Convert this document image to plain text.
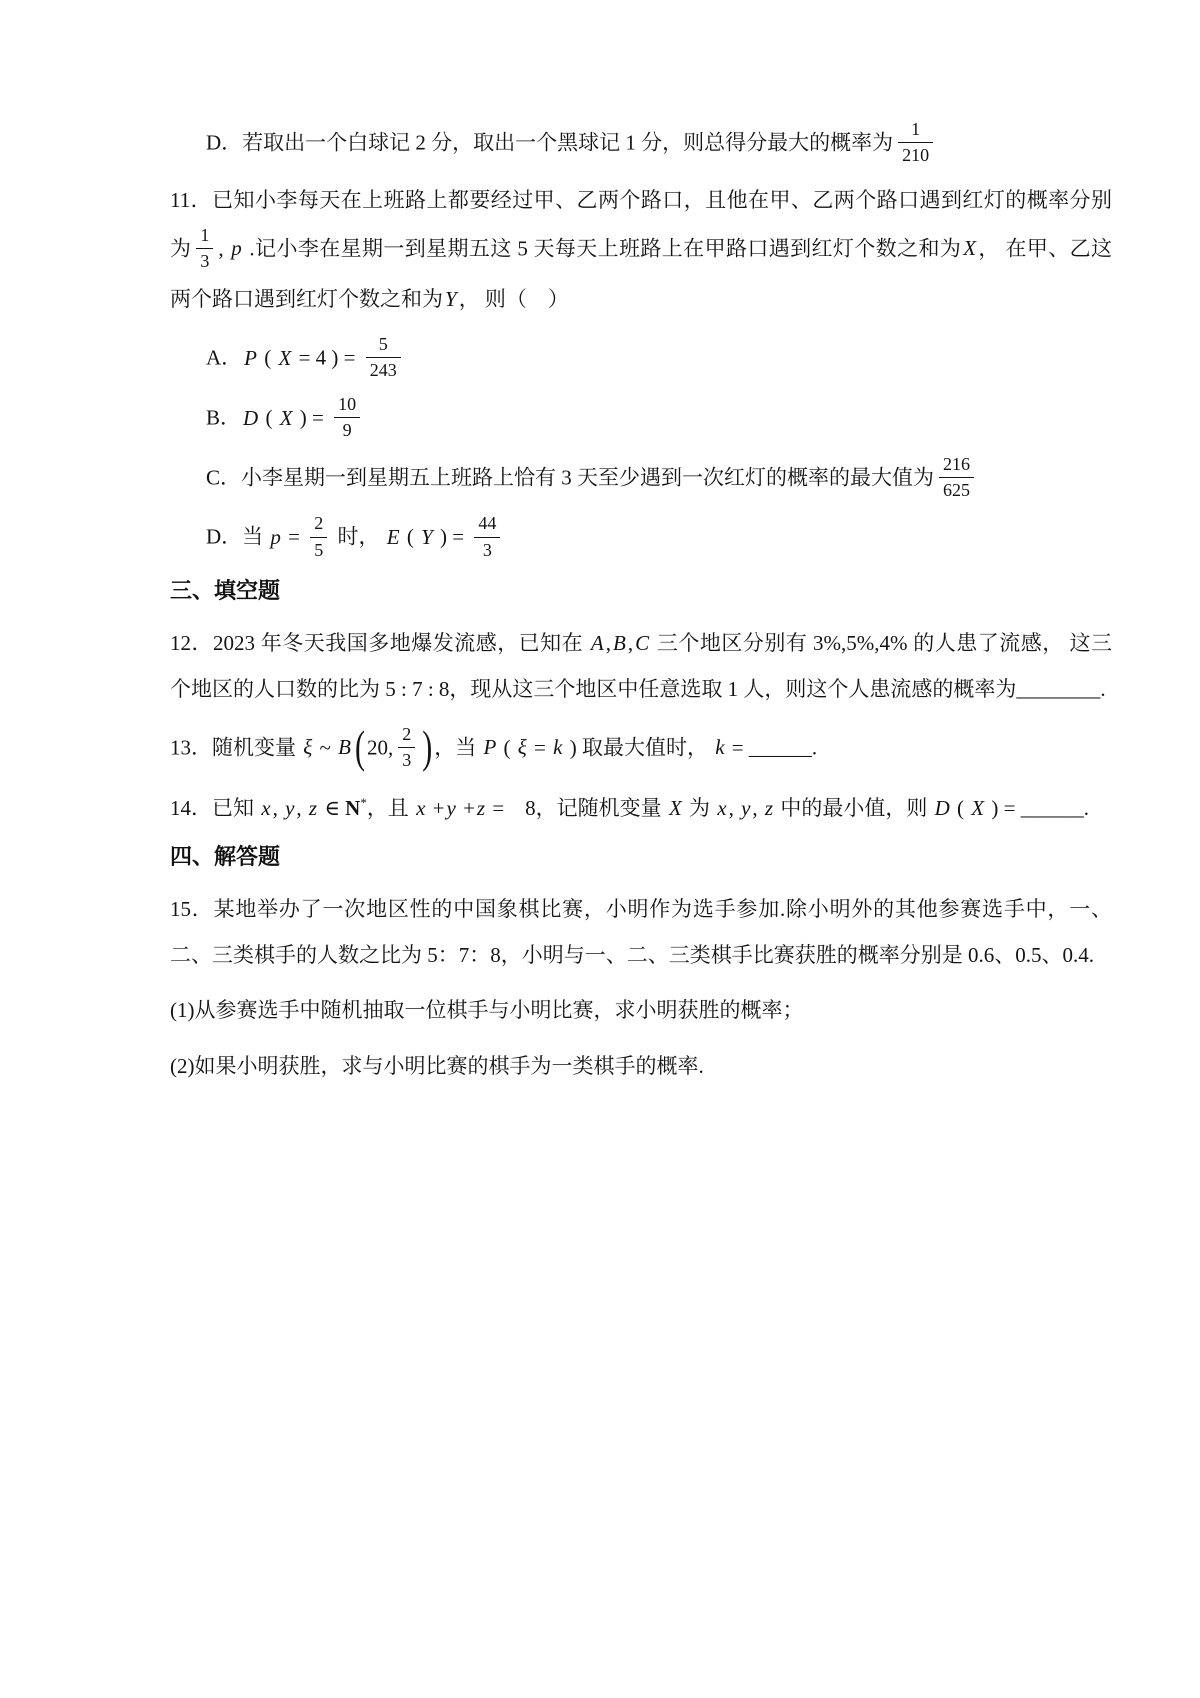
D．若取出一个白球记 2 分，取出一个黑球记 1 分，则总得分最大的概率为 $\frac{1}{210}$

11．已知小李每天在上班路上都要经过甲、乙两个路口，且他在甲、乙两个路口遇到红灯的概率分别为 $\frac{1}{3}$ , p .记小李在星期一到星期五这 5 天每天上班路上在甲路口遇到红灯个数之和为X， 在甲、乙这两个路口遇到红灯个数之和为Y， 则（　）

A．P ( X = 4 ) = $\frac{5}{243}$

B．D ( X ) = $\frac{10}{9}$

C．小李星期一到星期五上班路上恰有 3 天至少遇到一次红灯的概率的最大值为 $\frac{216}{625}$

D．当 $p = \frac{2}{5}$ 时， E ( Y ) = $\frac{44}{3}$

三、填空题

12．2023 年冬天我国多地爆发流感，已知在 A,B,C 三个地区分别有 3%,5%,4% 的人患了流感， 这三个地区的人口数的比为 5 : 7 : 8，现从这三个地区中任意选取 1 人，则这个人患流感的概率为________.

13．随机变量 ξ ~ B (20, $\frac{2}{3}$ )，当 P ( ξ = k ) 取最大值时， k = ______.

14．已知 x, y, z ∈ N*，且 x +y +z =　8，记随机变量 X 为 x, y, z 中的最小值，则 D ( X ) = ______.

四、解答题

15．某地举办了一次地区性的中国象棋比赛，小明作为选手参加.除小明外的其他参赛选手中，一、二、三类棋手的人数之比为 5：7：8，小明与一、二、三类棋手比赛获胜的概率分别是 0.6、0.5、0.4.

(1)从参赛选手中随机抽取一位棋手与小明比赛，求小明获胜的概率；

(2)如果小明获胜，求与小明比赛的棋手为一类棋手的概率.
